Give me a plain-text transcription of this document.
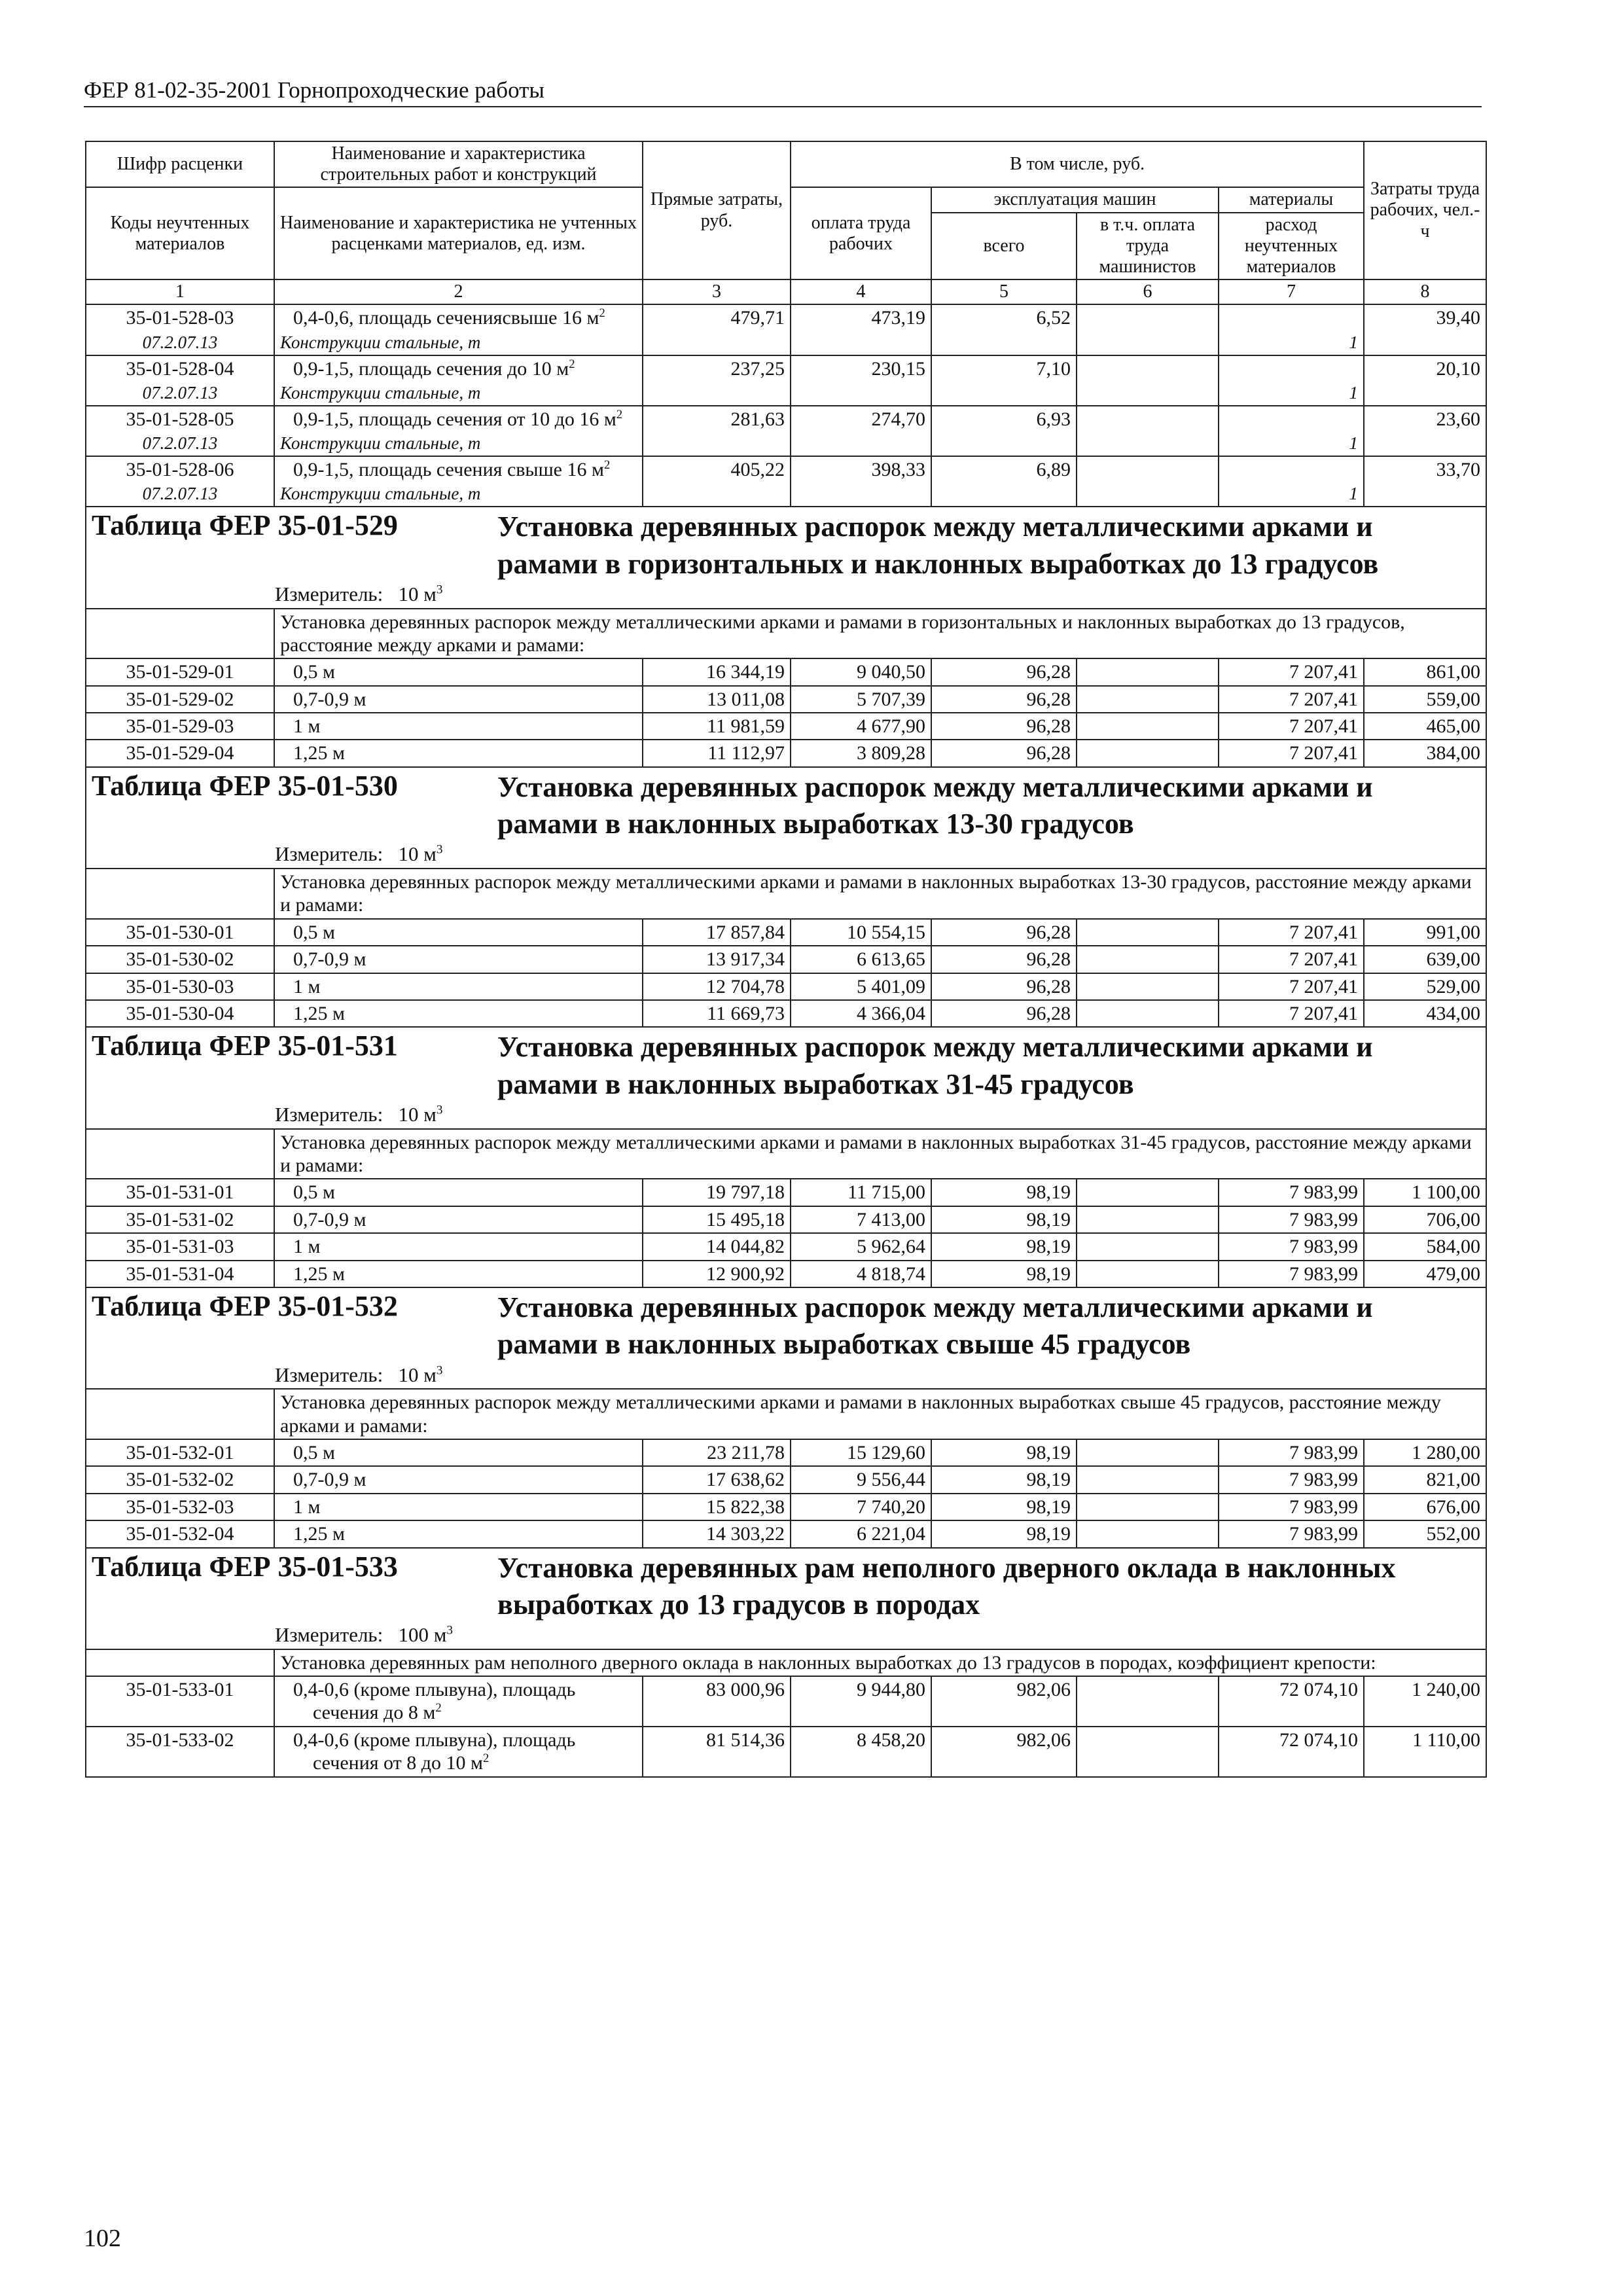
ФЕР 81-02-35-2001 Горнопроходческие работы
Шифр расценки	Наименование и характеристика строительных работ и конструкций	Прямые затраты, руб.	В том числе, руб.				Затраты труда рабочих, чел.-ч
Коды неучтенных материалов	Наименование и характеристика не учтенных расценками материалов, ед. изм.		оплата труда рабочих	эксплуатация машин		материалы	
				всего	в т.ч. оплата труда машинистов	расход неучтенных материалов	
1	2	3	4	5	6	7	8
35-01-528-03	0,4-0,6, площадь сечениясвыше 16 $м^2$	479,71	473,19	6,52			39,40
07.2.07.13	Конструкции стальные, т					1	
35-01-528-04	0,9-1,5, площадь сечения до 10 $м^2$	237,25	230,15	7,10			20,10
07.2.07.13	Конструкции стальные, т					1	
35-01-528-05	0,9-1,5, площадь сечения от 10 до 16 $м^2$	281,63	274,70	6,93			23,60
07.2.07.13	Конструкции стальные, т					1	
35-01-528-06	0,9-1,5, площадь сечения свыше 16 $м^2$	405,22	398,33	6,89			33,70
07.2.07.13	Конструкции стальные, т					1	

Таблица ФЕР 35-01-529 Установка деревянных распорок между металлическими арками и рамами в горизонтальных и наклонных выработках до 13 градусов
Измеритель:   10 $м^3$

	Установка деревянных распорок между металлическими арками и рамами в горизонтальных и наклонных выработках до 13 градусов, расстояние между арками и рамами:						
35-01-529-01	0,5 м	16 344,19	9 040,50	96,28		7 207,41	861,00
35-01-529-02	0,7-0,9 м	13 011,08	5 707,39	96,28		7 207,41	559,00
35-01-529-03	1 м	11 981,59	4 677,90	96,28		7 207,41	465,00
35-01-529-04	1,25 м	11 112,97	3 809,28	96,28		7 207,41	384,00

Таблица ФЕР 35-01-530 Установка деревянных распорок между металлическими арками и рамами в наклонных выработках 13-30 градусов
Измеритель:   10 $м^3$

	Установка деревянных распорок между металлическими арками и рамами в наклонных выработках 13-30 градусов, расстояние между арками и рамами:						
35-01-530-01	0,5 м	17 857,84	10 554,15	96,28		7 207,41	991,00
35-01-530-02	0,7-0,9 м	13 917,34	6 613,65	96,28		7 207,41	639,00
35-01-530-03	1 м	12 704,78	5 401,09	96,28		7 207,41	529,00
35-01-530-04	1,25 м	11 669,73	4 366,04	96,28		7 207,41	434,00

Таблица ФЕР 35-01-531 Установка деревянных распорок между металлическими арками и рамами в наклонных выработках 31-45 градусов
Измеритель:   10 $м^3$

	Установка деревянных распорок между металлическими арками и рамами в наклонных выработках 31-45 градусов, расстояние между арками и рамами:						
35-01-531-01	0,5 м	19 797,18	11 715,00	98,19		7 983,99	1 100,00
35-01-531-02	0,7-0,9 м	15 495,18	7 413,00	98,19		7 983,99	706,00
35-01-531-03	1 м	14 044,82	5 962,64	98,19		7 983,99	584,00
35-01-531-04	1,25 м	12 900,92	4 818,74	98,19		7 983,99	479,00

Таблица ФЕР 35-01-532 Установка деревянных распорок между металлическими арками и рамами в наклонных выработках свыше 45 градусов
Измеритель:   10 $м^3$

	Установка деревянных распорок между металлическими арками и рамами в наклонных выработках свыше 45 градусов, расстояние между арками и рамами:						
35-01-532-01	0,5 м	23 211,78	15 129,60	98,19		7 983,99	1 280,00
35-01-532-02	0,7-0,9 м	17 638,62	9 556,44	98,19		7 983,99	821,00
35-01-532-03	1 м	15 822,38	7 740,20	98,19		7 983,99	676,00
35-01-532-04	1,25 м	14 303,22	6 221,04	98,19		7 983,99	552,00

Таблица ФЕР 35-01-533 Установка деревянных рам неполного дверного оклада в наклонных выработках до 13 градусов в породах
Измеритель:   100 $м^3$

	Установка деревянных рам неполного дверного оклада в наклонных выработках до 13 градусов в породах, коэффициент крепости:						
35-01-533-01	0,4-0,6 (кроме плывуна), площадь сечения до 8 $м^2$	83 000,96	9 944,80	982,06		72 074,10	1 240,00
35-01-533-02	0,4-0,6 (кроме плывуна), площадь сечения от 8 до 10 $м^2$	81 514,36	8 458,20	982,06		72 074,10	1 110,00
102
